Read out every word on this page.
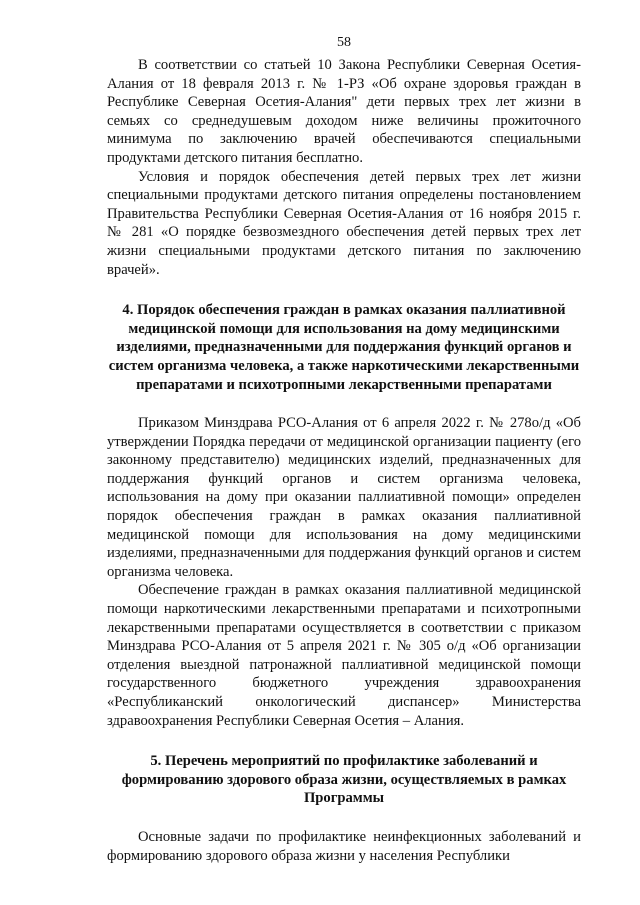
58

В соответствии со статьей 10 Закона Республики Северная Осетия-Алания от 18 февраля 2013 г. № 1-РЗ «Об охране здоровья граждан в Республике Северная Осетия-Алания" дети первых трех лет жизни в семьях со среднедушевым доходом ниже величины прожиточного минимума по заключению врачей обеспечиваются специальными продуктами детского питания бесплатно.

Условия и порядок обеспечения детей первых трех лет жизни специальными продуктами детского питания определены постановлением Правительства Республики Северная Осетия-Алания от 16 ноября 2015 г. № 281 «О порядке безвозмездного обеспечения детей первых трех лет жизни специальными продуктами детского питания по заключению врачей».

4. Порядок обеспечения граждан в рамках оказания паллиативной медицинской помощи для использования на дому медицинскими изделиями, предназначенными для поддержания функций органов и систем организма человека, а также наркотическими лекарственными препаратами и психотропными лекарственными препаратами

Приказом Минздрава РСО-Алания от 6 апреля 2022 г. № 278о/д «Об утверждении Порядка передачи от медицинской организации пациенту (его законному представителю) медицинских изделий, предназначенных для поддержания функций органов и систем организма человека, использования на дому при оказании паллиативной помощи» определен порядок обеспечения граждан в рамках оказания паллиативной медицинской помощи для использования на дому медицинскими изделиями, предназначенными для поддержания функций органов и систем организма человека.

Обеспечение граждан в рамках оказания паллиативной медицинской помощи наркотическими лекарственными препаратами и психотропными лекарственными препаратами осуществляется в соответствии с приказом Минздрава РСО-Алания от 5 апреля 2021 г. № 305 о/д «Об организации отделения выездной патронажной паллиативной медицинской помощи государственного бюджетного учреждения здравоохранения «Республиканский онкологический диспансер» Министерства здравоохранения Республики Северная Осетия – Алания.

5. Перечень мероприятий по профилактике заболеваний и формированию здорового образа жизни, осуществляемых в рамках Программы

Основные задачи по профилактике неинфекционных заболеваний и формированию здорового образа жизни у населения Республики
